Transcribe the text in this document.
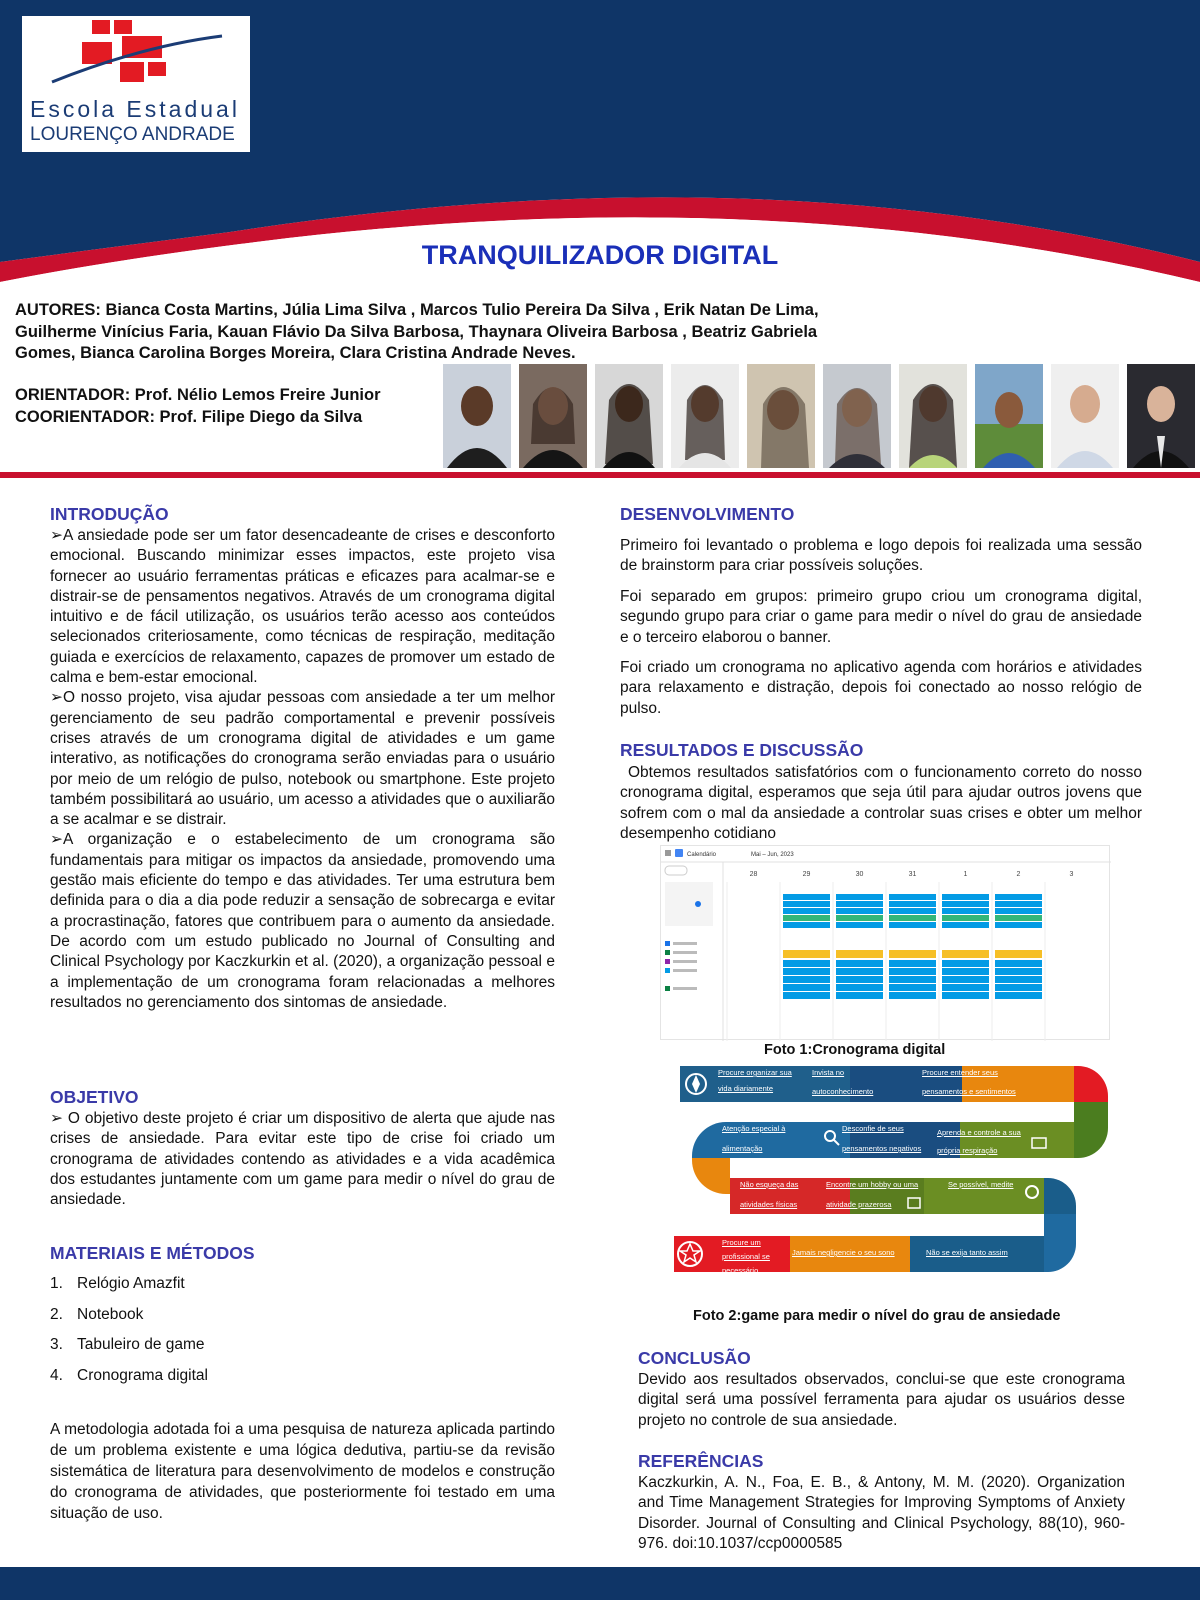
Escola Estadual
LOURENÇO ANDRADE
TRANQUILIZADOR DIGITAL
AUTORES: Bianca Costa Martins, Júlia Lima Silva , Marcos Tulio Pereira Da Silva , Erik Natan De Lima, Guilherme Vinícius Faria, Kauan Flávio Da Silva Barbosa, Thaynara Oliveira Barbosa , Beatriz Gabriela Gomes, Bianca Carolina Borges Moreira, Clara Cristina Andrade Neves.
ORIENTADOR: Prof. Nélio Lemos Freire Junior
COORIENTADOR: Prof. Filipe Diego da Silva
INTRODUÇÃO

➢A ansiedade pode ser um fator desencadeante de crises e desconforto emocional. Buscando minimizar esses impactos, este projeto visa fornecer ao usuário ferramentas práticas e eficazes para acalmar-se e distrair-se de pensamentos negativos. Através de um cronograma digital intuitivo e de fácil utilização, os usuários terão acesso aos conteúdos selecionados criteriosamente, como técnicas de respiração, meditação guiada e exercícios de relaxamento, capazes de promover um estado de calma e bem-estar emocional.

➢O nosso projeto, visa ajudar pessoas com ansiedade a ter um melhor gerenciamento de seu padrão comportamental e prevenir possíveis crises através de um cronograma digital de atividades e um game interativo, as notificações do cronograma serão enviadas para o usuário por meio de um relógio de pulso, notebook ou smartphone. Este projeto também possibilitará ao usuário, um acesso a atividades que o auxiliarão a se acalmar e se distrair.

➢A organização e o estabelecimento de um cronograma são fundamentais para mitigar os impactos da ansiedade, promovendo uma gestão mais eficiente do tempo e das atividades. Ter uma estrutura bem definida para o dia a dia pode reduzir a sensação de sobrecarga e evitar a procrastinação, fatores que contribuem para o aumento da ansiedade. De acordo com um estudo publicado no Journal of Consulting and Clinical Psychology por Kaczkurkin et al. (2020), a organização pessoal e a implementação de um cronograma foram relacionadas a melhores resultados no gerenciamento dos sintomas de ansiedade.

OBJETIVO
➢ O objetivo deste projeto é criar um dispositivo de alerta que ajude nas crises de ansiedade. Para evitar este tipo de crise foi criado um cronograma de atividades contendo as atividades e a vida acadêmica dos estudantes juntamente com um game para medir o nível do grau de ansiedade.
MATERIAIS E MÉTODOS
1. Relógio Amazfit
2. Notebook
3. Tabuleiro de game
4. Cronograma digital
A metodologia adotada foi a uma pesquisa de natureza aplicada partindo de um problema existente e uma lógica dedutiva, partiu-se da revisão sistemática de literatura para desenvolvimento de modelos e construção do cronograma de atividades, que posteriormente foi testado em uma situação de uso.
DESENVOLVIMENTO
Primeiro foi levantado o problema e logo depois foi realizada uma sessão de brainstorm para criar possíveis soluções.
Foi separado em grupos: primeiro grupo criou um cronograma digital, segundo grupo para criar o game para medir o nível do grau de ansiedade e o terceiro elaborou o banner.
Foi criado um cronograma no aplicativo agenda com horários e atividades para relaxamento e distração, depois foi conectado ao nosso relógio de pulso.
RESULTADOS E DISCUSSÃO
Obtemos resultados satisfatórios com o funcionamento correto do nosso cronograma digital, esperamos que seja útil para ajudar outros jovens que sofrem com o mal da ansiedade a controlar suas crises e obter um melhor desempenho cotidiano
Calendário	Mai – Jun, 2023
28	29	30	31	1	2	3
Foto 1:Cronograma digital
Procure organizar sua
vida diariamente
Invista no
autoconhecimento
Procure entender seus
pensamentos e sentimentos
Atenção especial à
alimentação
Desconfie de seus
pensamentos negativos
Aprenda e controle a sua
própria respiração
Não esqueça das
atividades físicas
Encontre um hobby ou uma
atividade prazerosa
Se possível, medite
Procure um
profissional se
necessário
Jamais negligencie o seu sono	Não se exija tanto assim
Foto 2:game para medir o nível do grau de ansiedade
CONCLUSÃO
Devido aos resultados observados, conclui-se que este cronograma digital será uma possível ferramenta para ajudar os usuários desse projeto no controle de sua ansiedade.
REFERÊNCIAS
Kaczkurkin, A. N., Foa, E. B., & Antony, M. M. (2020). Organization and Time Management Strategies for Improving Symptoms of Anxiety Disorder. Journal of Consulting and Clinical Psychology, 88(10), 960-976. doi:10.1037/ccp0000585
